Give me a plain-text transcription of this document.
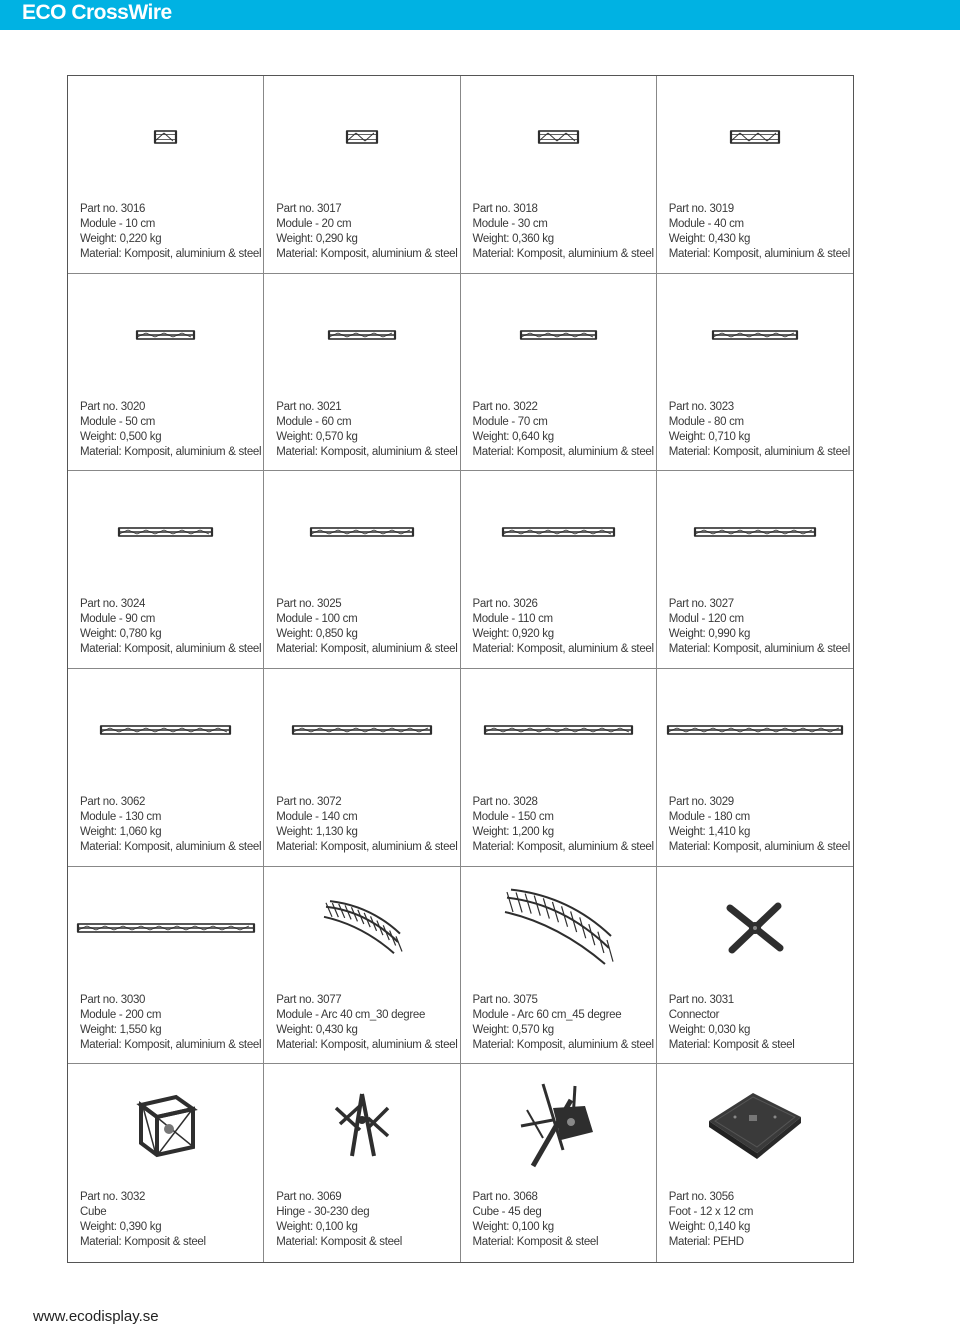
ECO CrossWire
Part no. 3016
Module - 10 cm
Weight: 0,220 kg
Material: Komposit, aluminium & steel
Part no. 3017
Module - 20 cm
Weight: 0,290 kg
Material: Komposit, aluminium & steel
Part no. 3018
Module - 30 cm
Weight: 0,360 kg
Material: Komposit, aluminium & steel
Part no. 3019
Module - 40 cm
Weight: 0,430 kg
Material: Komposit, aluminium & steel
Part no. 3020
Module - 50 cm
Weight: 0,500 kg
Material: Komposit, aluminium & steel
Part no. 3021
Module - 60 cm
Weight: 0,570 kg
Material: Komposit, aluminium & steel
Part no. 3022
Module - 70 cm
Weight: 0,640 kg
Material: Komposit, aluminium & steel
Part no. 3023
Module - 80 cm
Weight: 0,710 kg
Material: Komposit, aluminium & steel
Part no. 3024
Module - 90 cm
Weight: 0,780 kg
Material: Komposit, aluminium & steel
Part no. 3025
Module - 100 cm
Weight: 0,850 kg
Material: Komposit, aluminium & steel
Part no. 3026
Module - 110 cm
Weight: 0,920 kg
Material: Komposit, aluminium & steel
Part no. 3027
Modul - 120 cm
Weight: 0,990 kg
Material: Komposit, aluminium & steel
Part no. 3062
Module - 130 cm
Weight: 1,060 kg
Material: Komposit, aluminium & steel
Part no. 3072
Module - 140 cm
Weight: 1,130 kg
Material: Komposit, aluminium & steel
Part no. 3028
Module - 150 cm
Weight: 1,200 kg
Material: Komposit, aluminium & steel
Part no. 3029
Module - 180 cm
Weight: 1,410 kg
Material: Komposit, aluminium & steel
Part no. 3030
Module - 200 cm
Weight: 1,550 kg
Material: Komposit, aluminium & steel
Part no. 3077
Module - Arc 40 cm_30 degree
Weight: 0,430 kg
Material: Komposit, aluminium & steel
Part no. 3075
Module - Arc 60 cm_45 degree
Weight: 0,570 kg
Material: Komposit, aluminium & steel
Part no. 3031
Connector
Weight: 0,030 kg
Material: Komposit & steel
Part no. 3032
Cube
Weight: 0,390 kg
Material: Komposit & steel
Part no. 3069
Hinge - 30-230 deg
Weight: 0,100 kg
Material: Komposit & steel
Part no. 3068
Cube - 45 deg
Weight: 0,100 kg
Material: Komposit & steel
Part no. 3056
Foot - 12 x 12 cm
Weight: 0,140 kg
Material: PEHD
www.ecodisplay.se
